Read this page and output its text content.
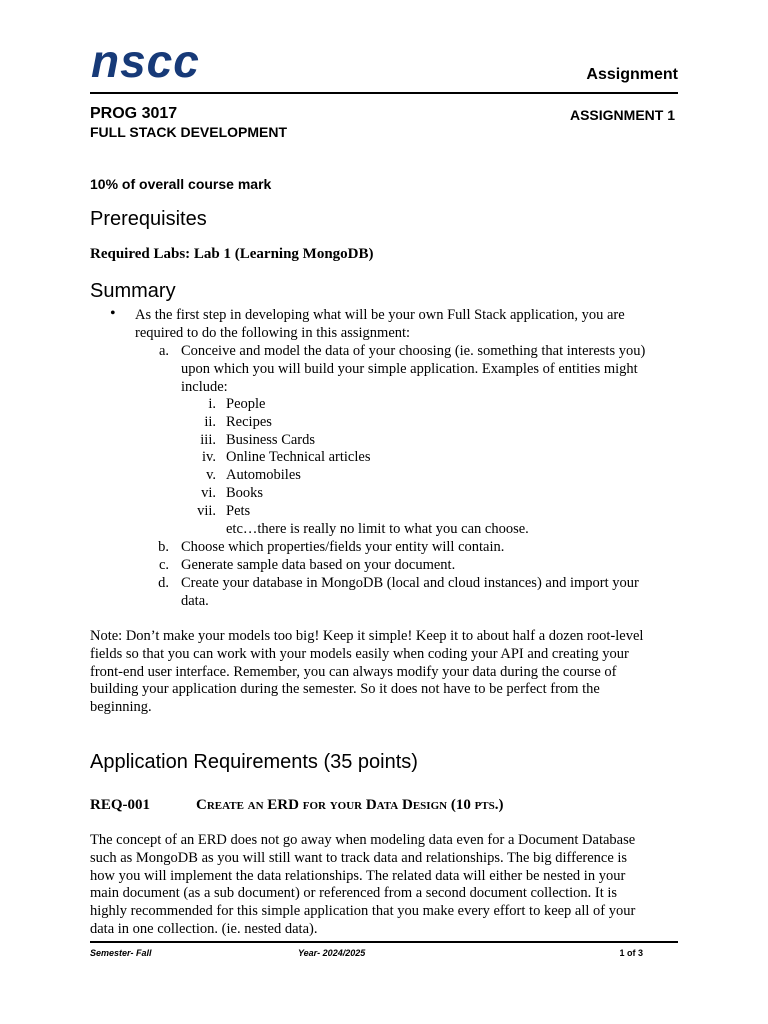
nscc	Assignment
PROG 3017	ASSIGNMENT 1
FULL STACK DEVELOPMENT
10% of overall course mark
Prerequisites
Required Labs: Lab 1 (Learning MongoDB)
Summary
• As the first step in developing what will be your own Full Stack application, you are
required to do the following in this assignment:
a. Conceive and model the data of your choosing (ie. something that interests you)
upon which you will build your simple application. Examples of entities might
include:
i. People
ii. Recipes
iii. Business Cards
iv. Online Technical articles
v. Automobiles
vi. Books
vii. Pets
etc…there is really no limit to what you can choose.
b. Choose which properties/fields your entity will contain.
c. Generate sample data based on your document.
d. Create your database in MongoDB (local and cloud instances) and import your
data.
Note: Don’t make your models too big! Keep it simple! Keep it to about half a dozen root-level
fields so that you can work with your models easily when coding your API and creating your
front-end user interface. Remember, you can always modify your data during the course of
building your application during the semester. So it does not have to be perfect from the
beginning.
Application Requirements (35 points)
REQ-001	Create an ERD for your Data Design (10 pts.)
The concept of an ERD does not go away when modeling data even for a Document Database
such as MongoDB as you will still want to track data and relationships. The big difference is
how you will implement the data relationships. The related data will either be nested in your
main document (as a sub document) or referenced from a second document collection. It is
highly recommended for this simple application that you make every effort to keep all of your
data in one collection. (ie. nested data).
Semester- Fall	Year- 2024/2025	1 of 3
